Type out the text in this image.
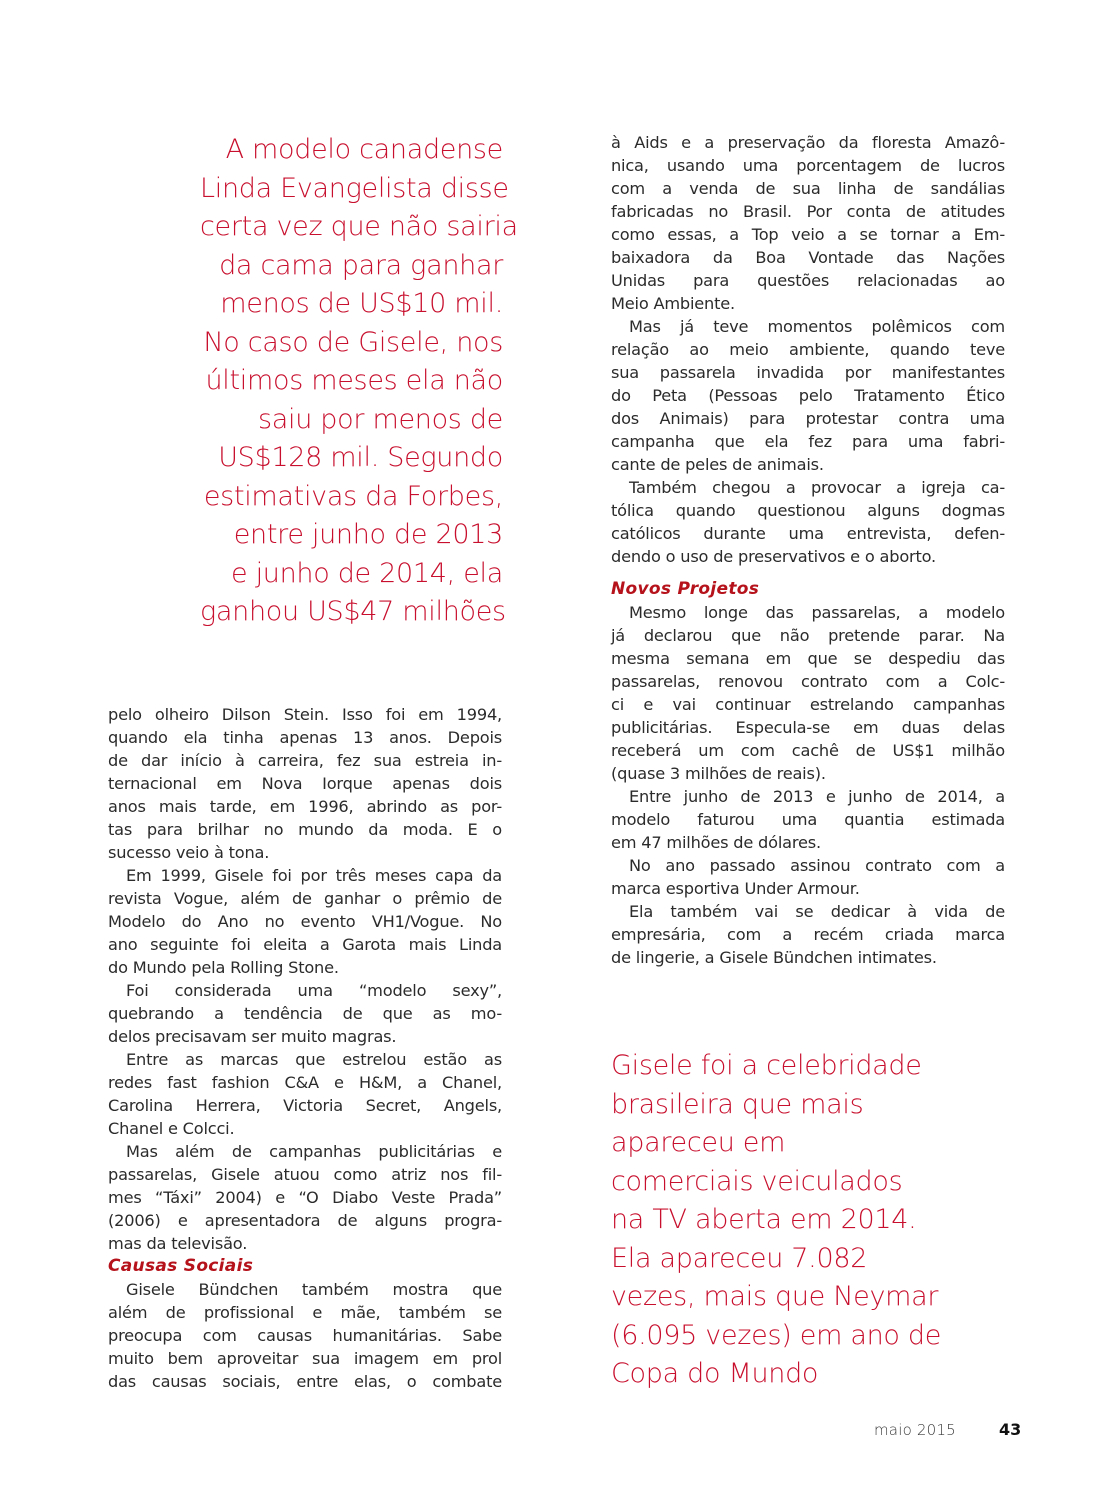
A modelo canadense
Linda Evangelista disse
certa vez que não sairia
da cama para ganhar
menos de US$10 mil.
No caso de Gisele, nos
últimos meses ela não
saiu por menos de
US$128 mil. Segundo
estimativas da Forbes,
entre junho de 2013
e junho de 2014, ela
ganhou US$47 milhões
pelo olheiro Dilson Stein. Isso foi em 1994,
quando ela tinha apenas 13 anos. Depois
de dar início à carreira, fez sua estreia in-
ternacional em Nova Iorque apenas dois
anos mais tarde, em 1996, abrindo as por-
tas para brilhar no mundo da moda. E o
sucesso veio à tona.
Em 1999, Gisele foi por três meses capa da
revista Vogue, além de ganhar o prêmio de
Modelo do Ano no evento VH1/Vogue. No
ano seguinte foi eleita a Garota mais Linda
do Mundo pela Rolling Stone.
Foi considerada uma “modelo sexy”,
quebrando a tendência de que as mo-
delos precisavam ser muito magras.
Entre as marcas que estrelou estão as
redes fast fashion C&A e H&M, a Chanel,
Carolina Herrera, Victoria Secret, Angels,
Chanel e Colcci.
Mas além de campanhas publicitárias e
passarelas, Gisele atuou como atriz nos fil-
mes “Táxi” 2004) e “O Diabo Veste Prada”
(2006) e apresentadora de alguns progra-
mas da televisão.
Causas Sociais
Gisele Bündchen também mostra que
além de profissional e mãe, também se
preocupa com causas humanitárias. Sabe
muito bem aproveitar sua imagem em prol
das causas sociais, entre elas, o combate
à Aids e a preservação da floresta Amazô-
nica, usando uma porcentagem de lucros
com a venda de sua linha de sandálias
fabricadas no Brasil. Por conta de atitudes
como essas, a Top veio a se tornar a Em-
baixadora da Boa Vontade das Nações
Unidas para questões relacionadas ao
Meio Ambiente.
Mas já teve momentos polêmicos com
relação ao meio ambiente, quando teve
sua passarela invadida por manifestantes
do Peta (Pessoas pelo Tratamento Ético
dos Animais) para protestar contra uma
campanha que ela fez para uma fabri-
cante de peles de animais.
Também chegou a provocar a igreja ca-
tólica quando questionou alguns dogmas
católicos durante uma entrevista, defen-
dendo o uso de preservativos e o aborto.
Novos Projetos
Mesmo longe das passarelas, a modelo
já declarou que não pretende parar. Na
mesma semana em que se despediu das
passarelas, renovou contrato com a Colc-
ci e vai continuar estrelando campanhas
publicitárias. Especula-se em duas delas
receberá um com cachê de US$1 milhão
(quase 3 milhões de reais).
Entre junho de 2013 e junho de 2014, a
modelo faturou uma quantia estimada
em 47 milhões de dólares.
No ano passado assinou contrato com a
marca esportiva Under Armour.
Ela também vai se dedicar à vida de
empresária, com a recém criada marca
de lingerie, a Gisele Bündchen intimates.
Gisele foi a celebridade
brasileira que mais
apareceu em
comerciais veiculados
na TV aberta em 2014.
Ela apareceu 7.082
vezes, mais que Neymar
(6.095 vezes) em ano de
Copa do Mundo
maio 2015	43
